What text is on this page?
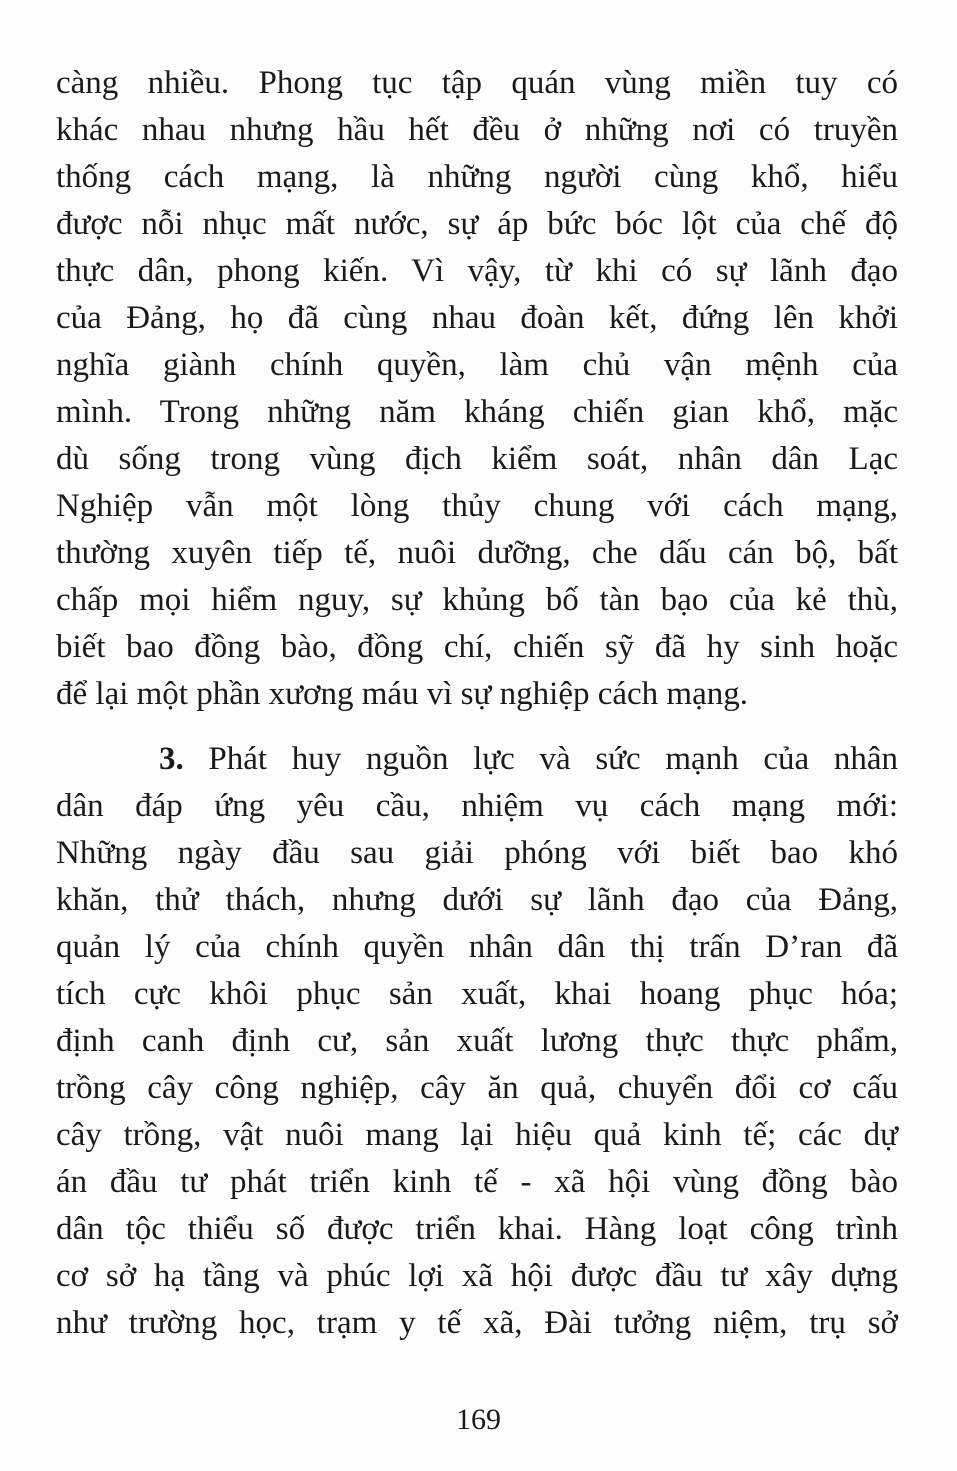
càng nhiều. Phong tục tập quán vùng miền tuy có
khác nhau nhưng hầu hết đều ở những nơi có truyền
thống cách mạng, là những người cùng khổ, hiểu
được nỗi nhục mất nước, sự áp bức bóc lột của chế độ
thực dân, phong kiến. Vì vậy, từ khi có sự lãnh đạo
của Đảng, họ đã cùng nhau đoàn kết, đứng lên khởi
nghĩa giành chính quyền, làm chủ vận mệnh của
mình. Trong những năm kháng chiến gian khổ, mặc
dù sống trong vùng địch kiểm soát, nhân dân Lạc
Nghiệp vẫn một lòng thủy chung với cách mạng,
thường xuyên tiếp tế, nuôi dưỡng, che dấu cán bộ, bất
chấp mọi hiểm nguy, sự khủng bố tàn bạo của kẻ thù,
biết bao đồng bào, đồng chí, chiến sỹ đã hy sinh hoặc
để lại một phần xương máu vì sự nghiệp cách mạng.
3. Phát huy nguồn lực và sức mạnh của nhân
dân đáp ứng yêu cầu, nhiệm vụ cách mạng mới:
Những ngày đầu sau giải phóng với biết bao khó
khăn, thử thách, nhưng dưới sự lãnh đạo của Đảng,
quản lý của chính quyền nhân dân thị trấn D’ran đã
tích cực khôi phục sản xuất, khai hoang phục hóa;
định canh định cư, sản xuất lương thực thực phẩm,
trồng cây công nghiệp, cây ăn quả, chuyển đổi cơ cấu
cây trồng, vật nuôi mang lại hiệu quả kinh tế; các dự
án đầu tư phát triển kinh tế - xã hội vùng đồng bào
dân tộc thiểu số được triển khai. Hàng loạt công trình
cơ sở hạ tầng và phúc lợi xã hội được đầu tư xây dựng
như trường học, trạm y tế xã, Đài tưởng niệm, trụ sở
169
